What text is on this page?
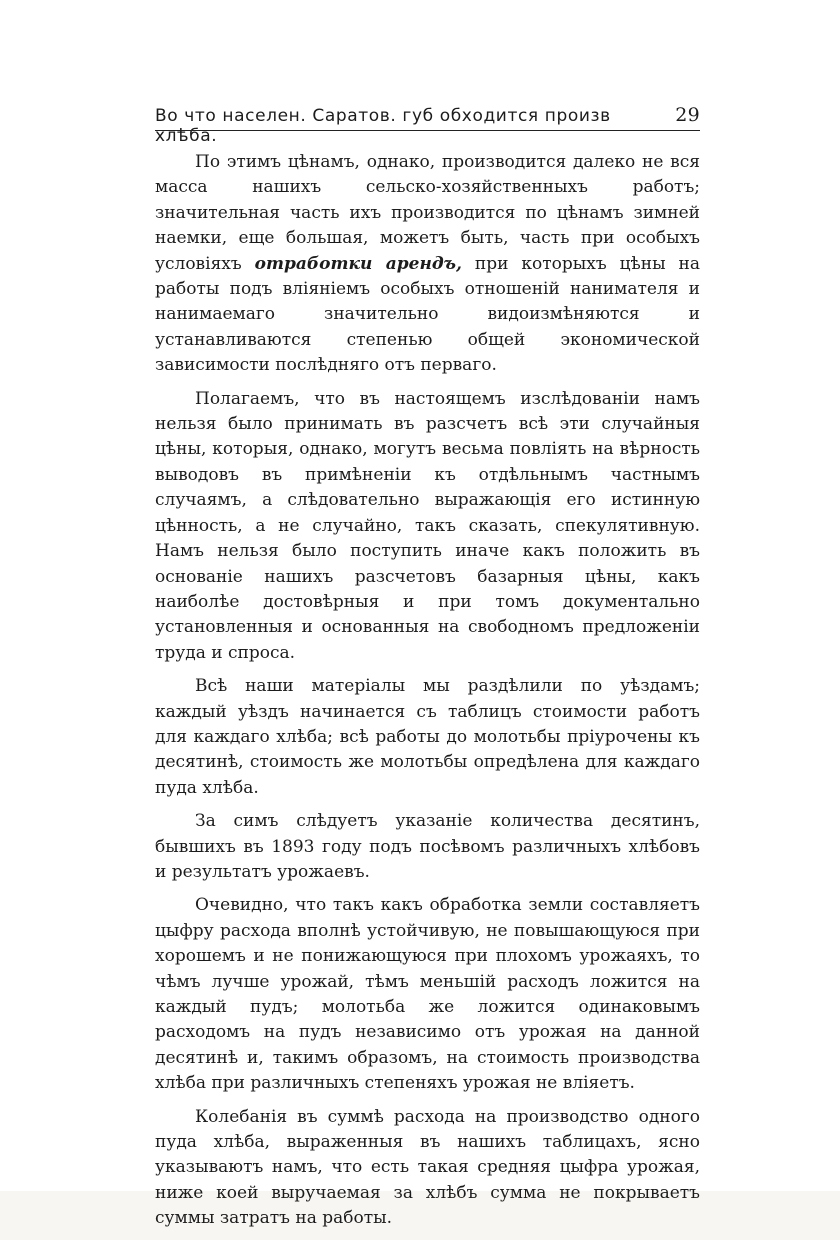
Во что населен. Саратов. губ обходится произв хлѣба.
29

По этимъ цѣнамъ, однако, производится далеко не вся масса нашихъ сельско-хозяйственныхъ работъ; значительная часть ихъ производится по цѣнамъ зимней наемки, еще большая, можетъ быть, часть при особыхъ условiяхъ отработки арендъ, при которыхъ цѣны на работы подъ влiянiемъ особыхъ отношенiй нанимателя и нанимаемаго значительно видоизмѣняются и устанавливаются степенью общей экономической зависимости послѣдняго отъ перваго.

Полагаемъ, что въ настоящемъ изслѣдованiи намъ нельзя было принимать въ разсчетъ всѣ эти случайныя цѣны, которыя, однако, могутъ весьма повлiять на вѣрность выводовъ въ примѣненiи къ отдѣльнымъ частнымъ случаямъ, а слѣдовательно выражающiя его истинную цѣнность, а не случайно, такъ сказать, спекулятивную. Намъ нельзя было поступить иначе какъ положить въ основанiе нашихъ разсчетовъ базарныя цѣны, какъ наиболѣе достовѣрныя и при томъ документально установленныя и основанныя на свободномъ предложенiи труда и спроса.

Всѣ наши матерiалы мы раздѣлили по уѣздамъ; каждый уѣздъ начинается съ таблицъ стоимости работъ для каждаго хлѣба; всѣ работы до молотьбы прiурочены къ десятинѣ, стоимость же молотьбы опредѣлена для каждаго пуда хлѣба.

За симъ слѣдуетъ указанiе количества десятинъ, бывшихъ въ 1893 году подъ посѣвомъ различныхъ хлѣбовъ и результатъ урожаевъ.

Очевидно, что такъ какъ обработка земли составляетъ цыфру расхода вполнѣ устойчивую, не повышающуюся при хорошемъ и не понижающуюся при плохомъ урожаяхъ, то чѣмъ лучше урожай, тѣмъ меньшiй расходъ ложится на каждый пудъ; молотьба же ложится одинаковымъ расходомъ на пудъ незавиcимо отъ урожая на данной десятинѣ и, такимъ образомъ, на стоимость производства хлѣба при различныхъ степеняхъ урожая не влiяетъ.

Колебанiя въ суммѣ расхода на производство одного пуда хлѣба, выраженныя въ нашихъ таблицахъ, ясно указываютъ намъ, что есть такая средняя цыфра урожая, ниже коей выручаемая за хлѣбъ сумма не покрываетъ суммы затратъ на работы.
